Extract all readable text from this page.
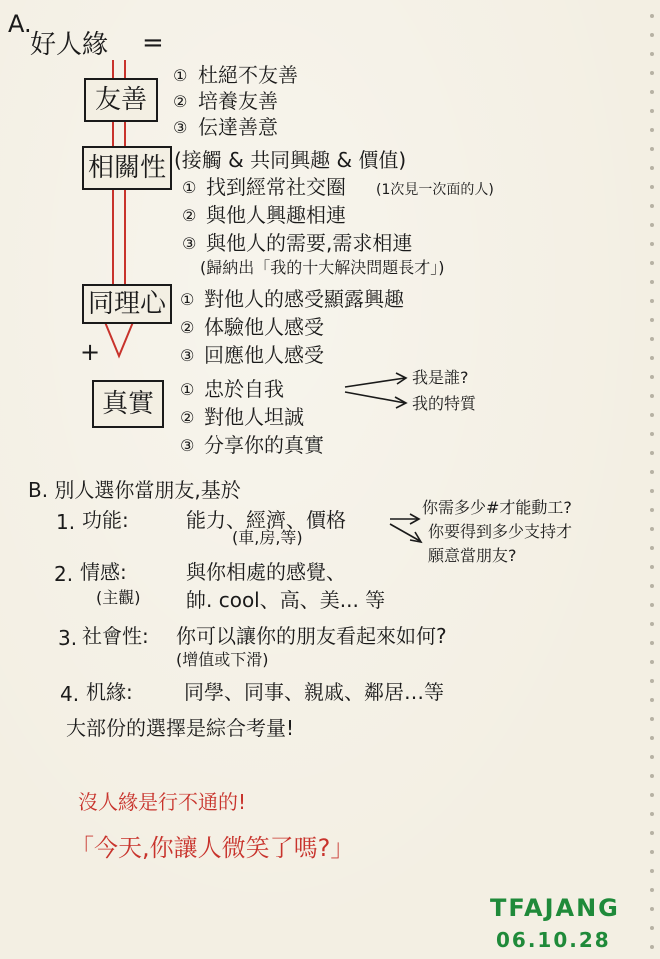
A.
好人緣 =
友善
① 杜絕不友善
② 培養友善
③ 伝達善意
相關性 (接觸 & 共同興趣 & 價值)
① 找到經常社交圈 (1次見一次面的人)
② 與他人興趣相連
③ 與他人的需要,需求相連
(歸納出「我的十大解決問題長才」)
同理心 ① 對他人的感受顯露興趣
② 体驗他人感受
③ 回應他人感受
+
真實	① 忠於自我
② 對他人坦誠
③ 分享你的真實
我是誰?
我的特質
B. 別人選你當朋友,基於
1. 功能:	能力、經濟、價格
(車,房,等)
你需多少#才能動工?
你要得到多少支持才
願意當朋友?
2. 情感:	與你相處的感覺、
(主觀) 帥. cool、高、美... 等
3. 社會性: 你可以讓你的朋友看起來如何?
(增值或下滑)
4. 机緣:	同學、同事、親戚、鄰居…等
大部份的選擇是綜合考量!
沒人緣是行不通的!
「今天,你讓人微笑了嗎?」
TFAJANG
06.10.28
